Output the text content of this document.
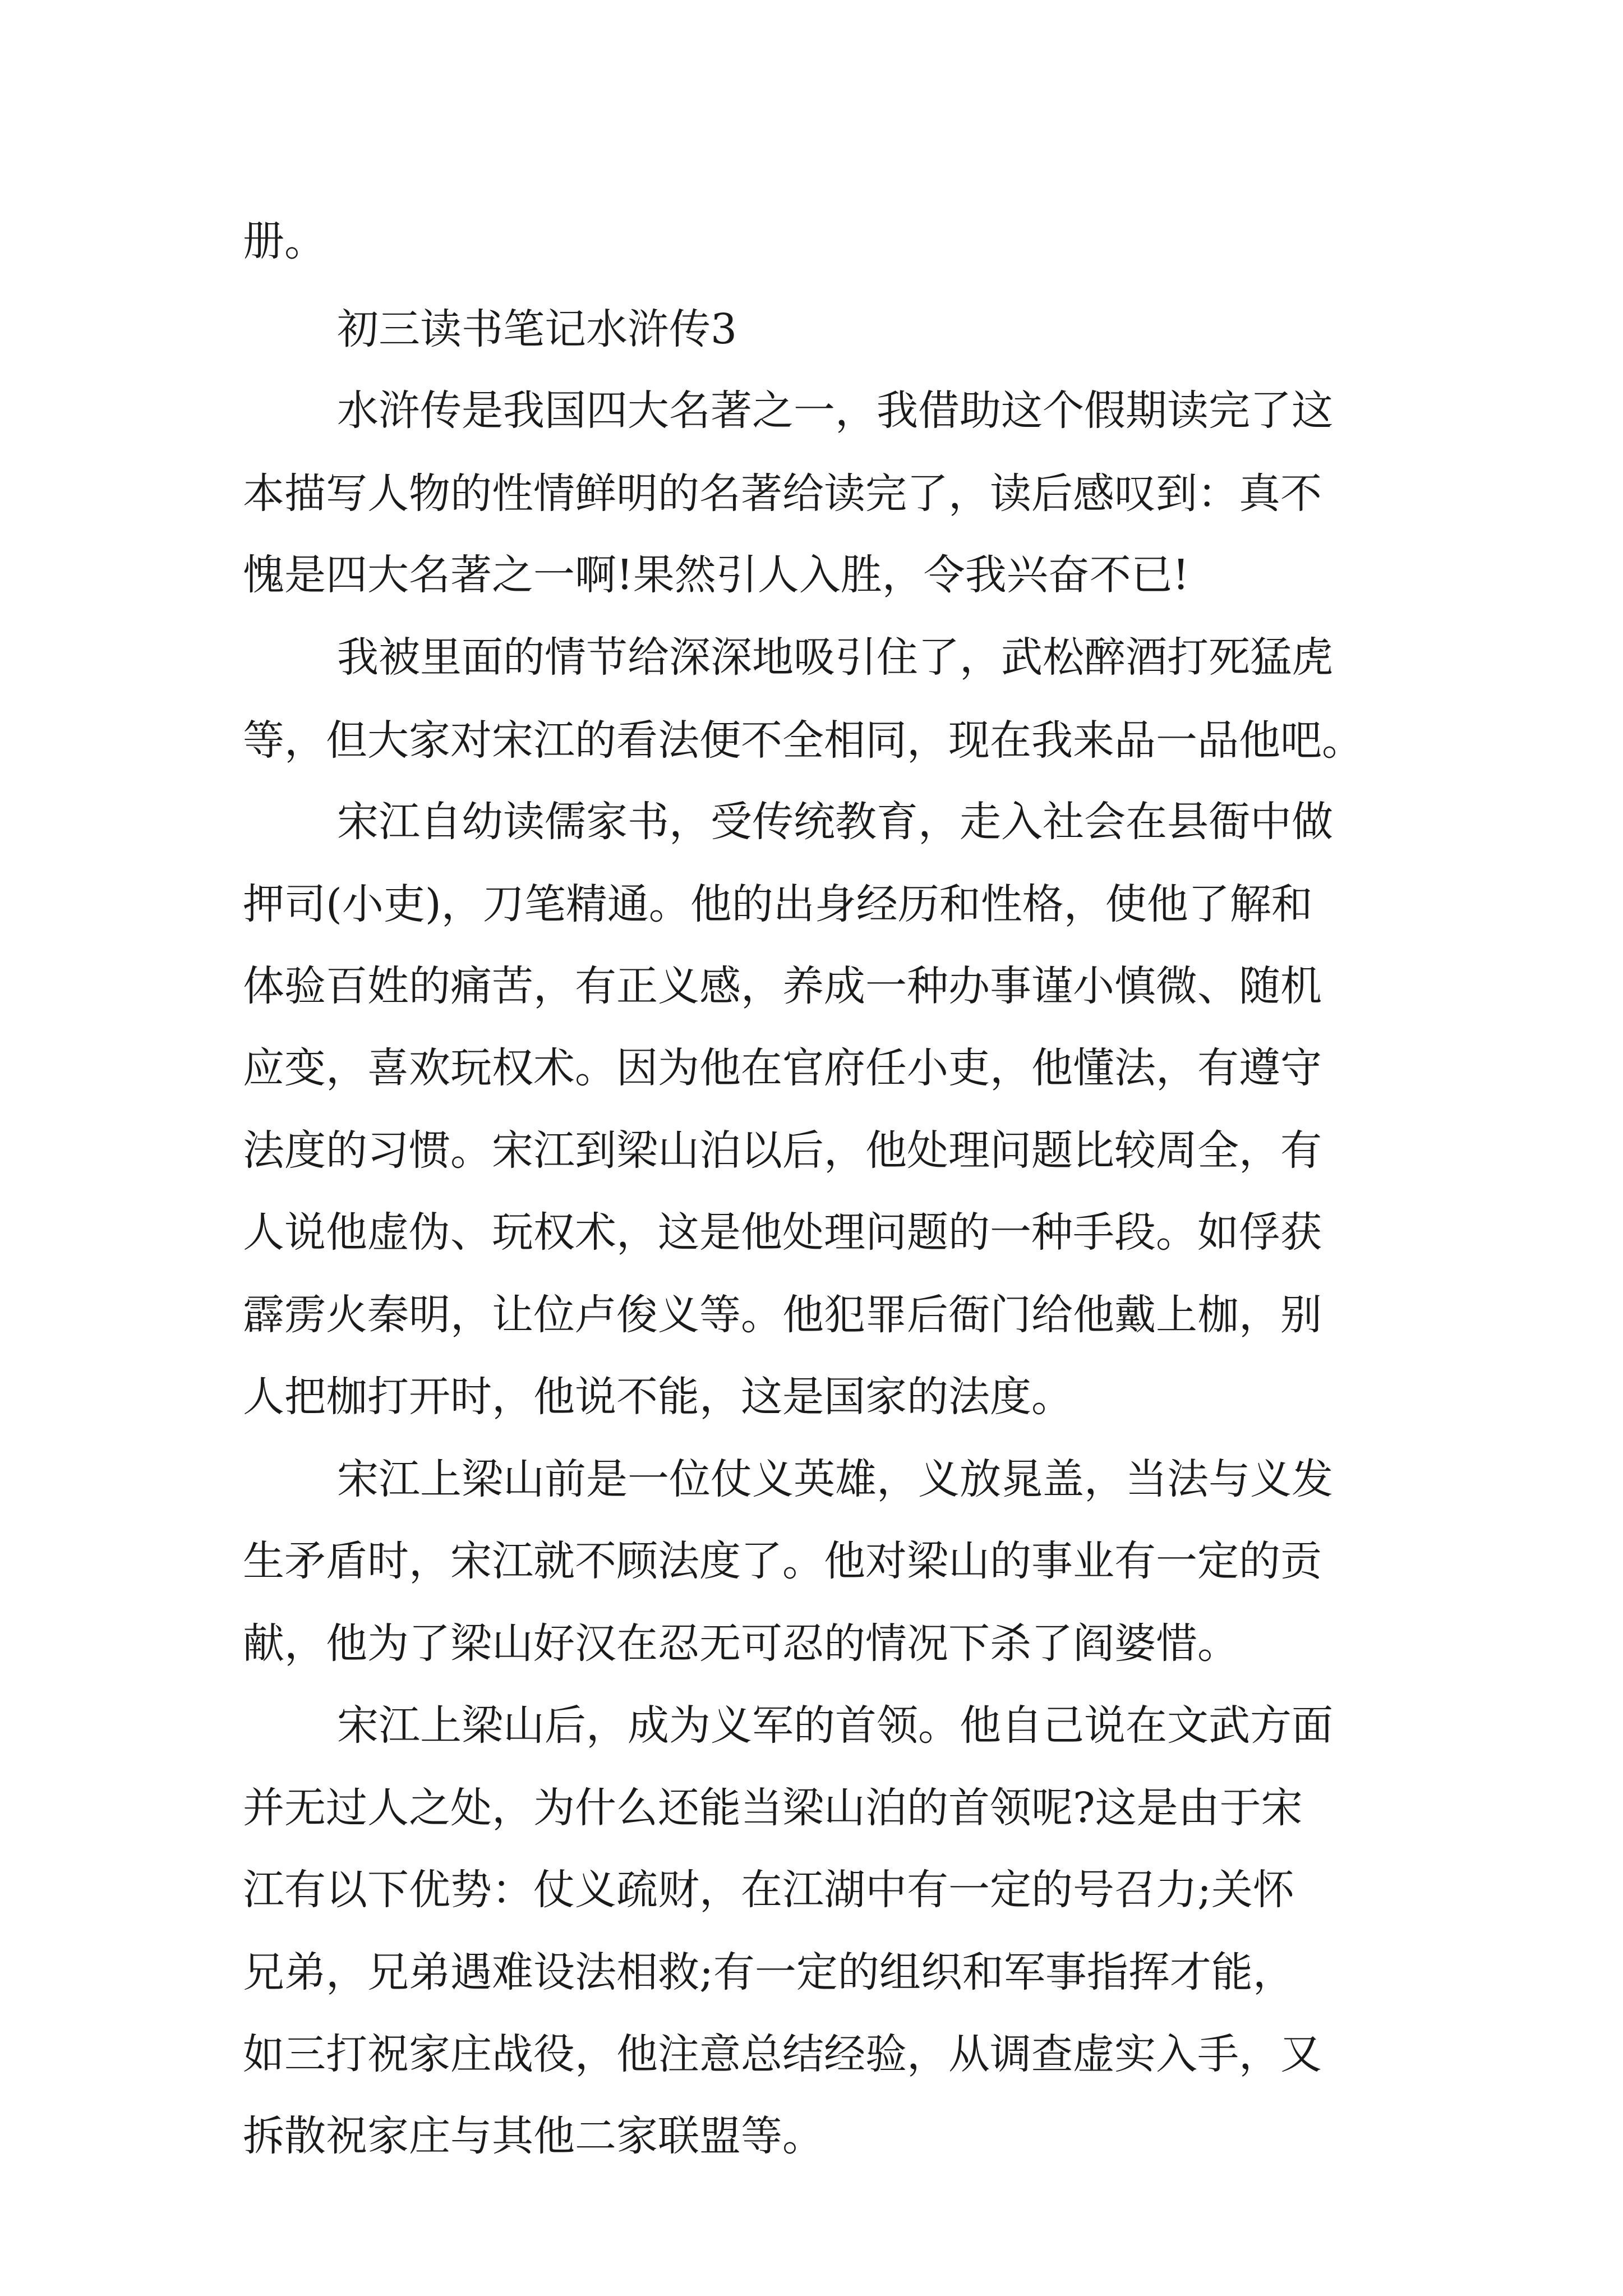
册。
初三读书笔记水浒传3
水浒传是我国四大名著之一，我借助这个假期读完了这
本描写人物的性情鲜明的名著给读完了，读后感叹到：真不
愧是四大名著之一啊!果然引人入胜，令我兴奋不已!
我被里面的情节给深深地吸引住了，武松醉酒打死猛虎
等，但大家对宋江的看法便不全相同，现在我来品一品他吧。
宋江自幼读儒家书，受传统教育，走入社会在县衙中做
押司(小吏)，刀笔精通。他的出身经历和性格，使他了解和
体验百姓的痛苦，有正义感，养成一种办事谨小慎微、随机
应变，喜欢玩权术。因为他在官府任小吏，他懂法，有遵守
法度的习惯。宋江到梁山泊以后，他处理问题比较周全，有
人说他虚伪、玩权术，这是他处理问题的一种手段。如俘获
霹雳火秦明，让位卢俊义等。他犯罪后衙门给他戴上枷，别
人把枷打开时，他说不能，这是国家的法度。
宋江上梁山前是一位仗义英雄，义放晁盖，当法与义发
生矛盾时，宋江就不顾法度了。他对梁山的事业有一定的贡
献，他为了梁山好汉在忍无可忍的情况下杀了阎婆惜。
宋江上梁山后，成为义军的首领。他自己说在文武方面
并无过人之处，为什么还能当梁山泊的首领呢?这是由于宋
江有以下优势：仗义疏财，在江湖中有一定的号召力;关怀
兄弟，兄弟遇难设法相救;有一定的组织和军事指挥才能，
如三打祝家庄战役，他注意总结经验，从调查虚实入手，又
拆散祝家庄与其他二家联盟等。
